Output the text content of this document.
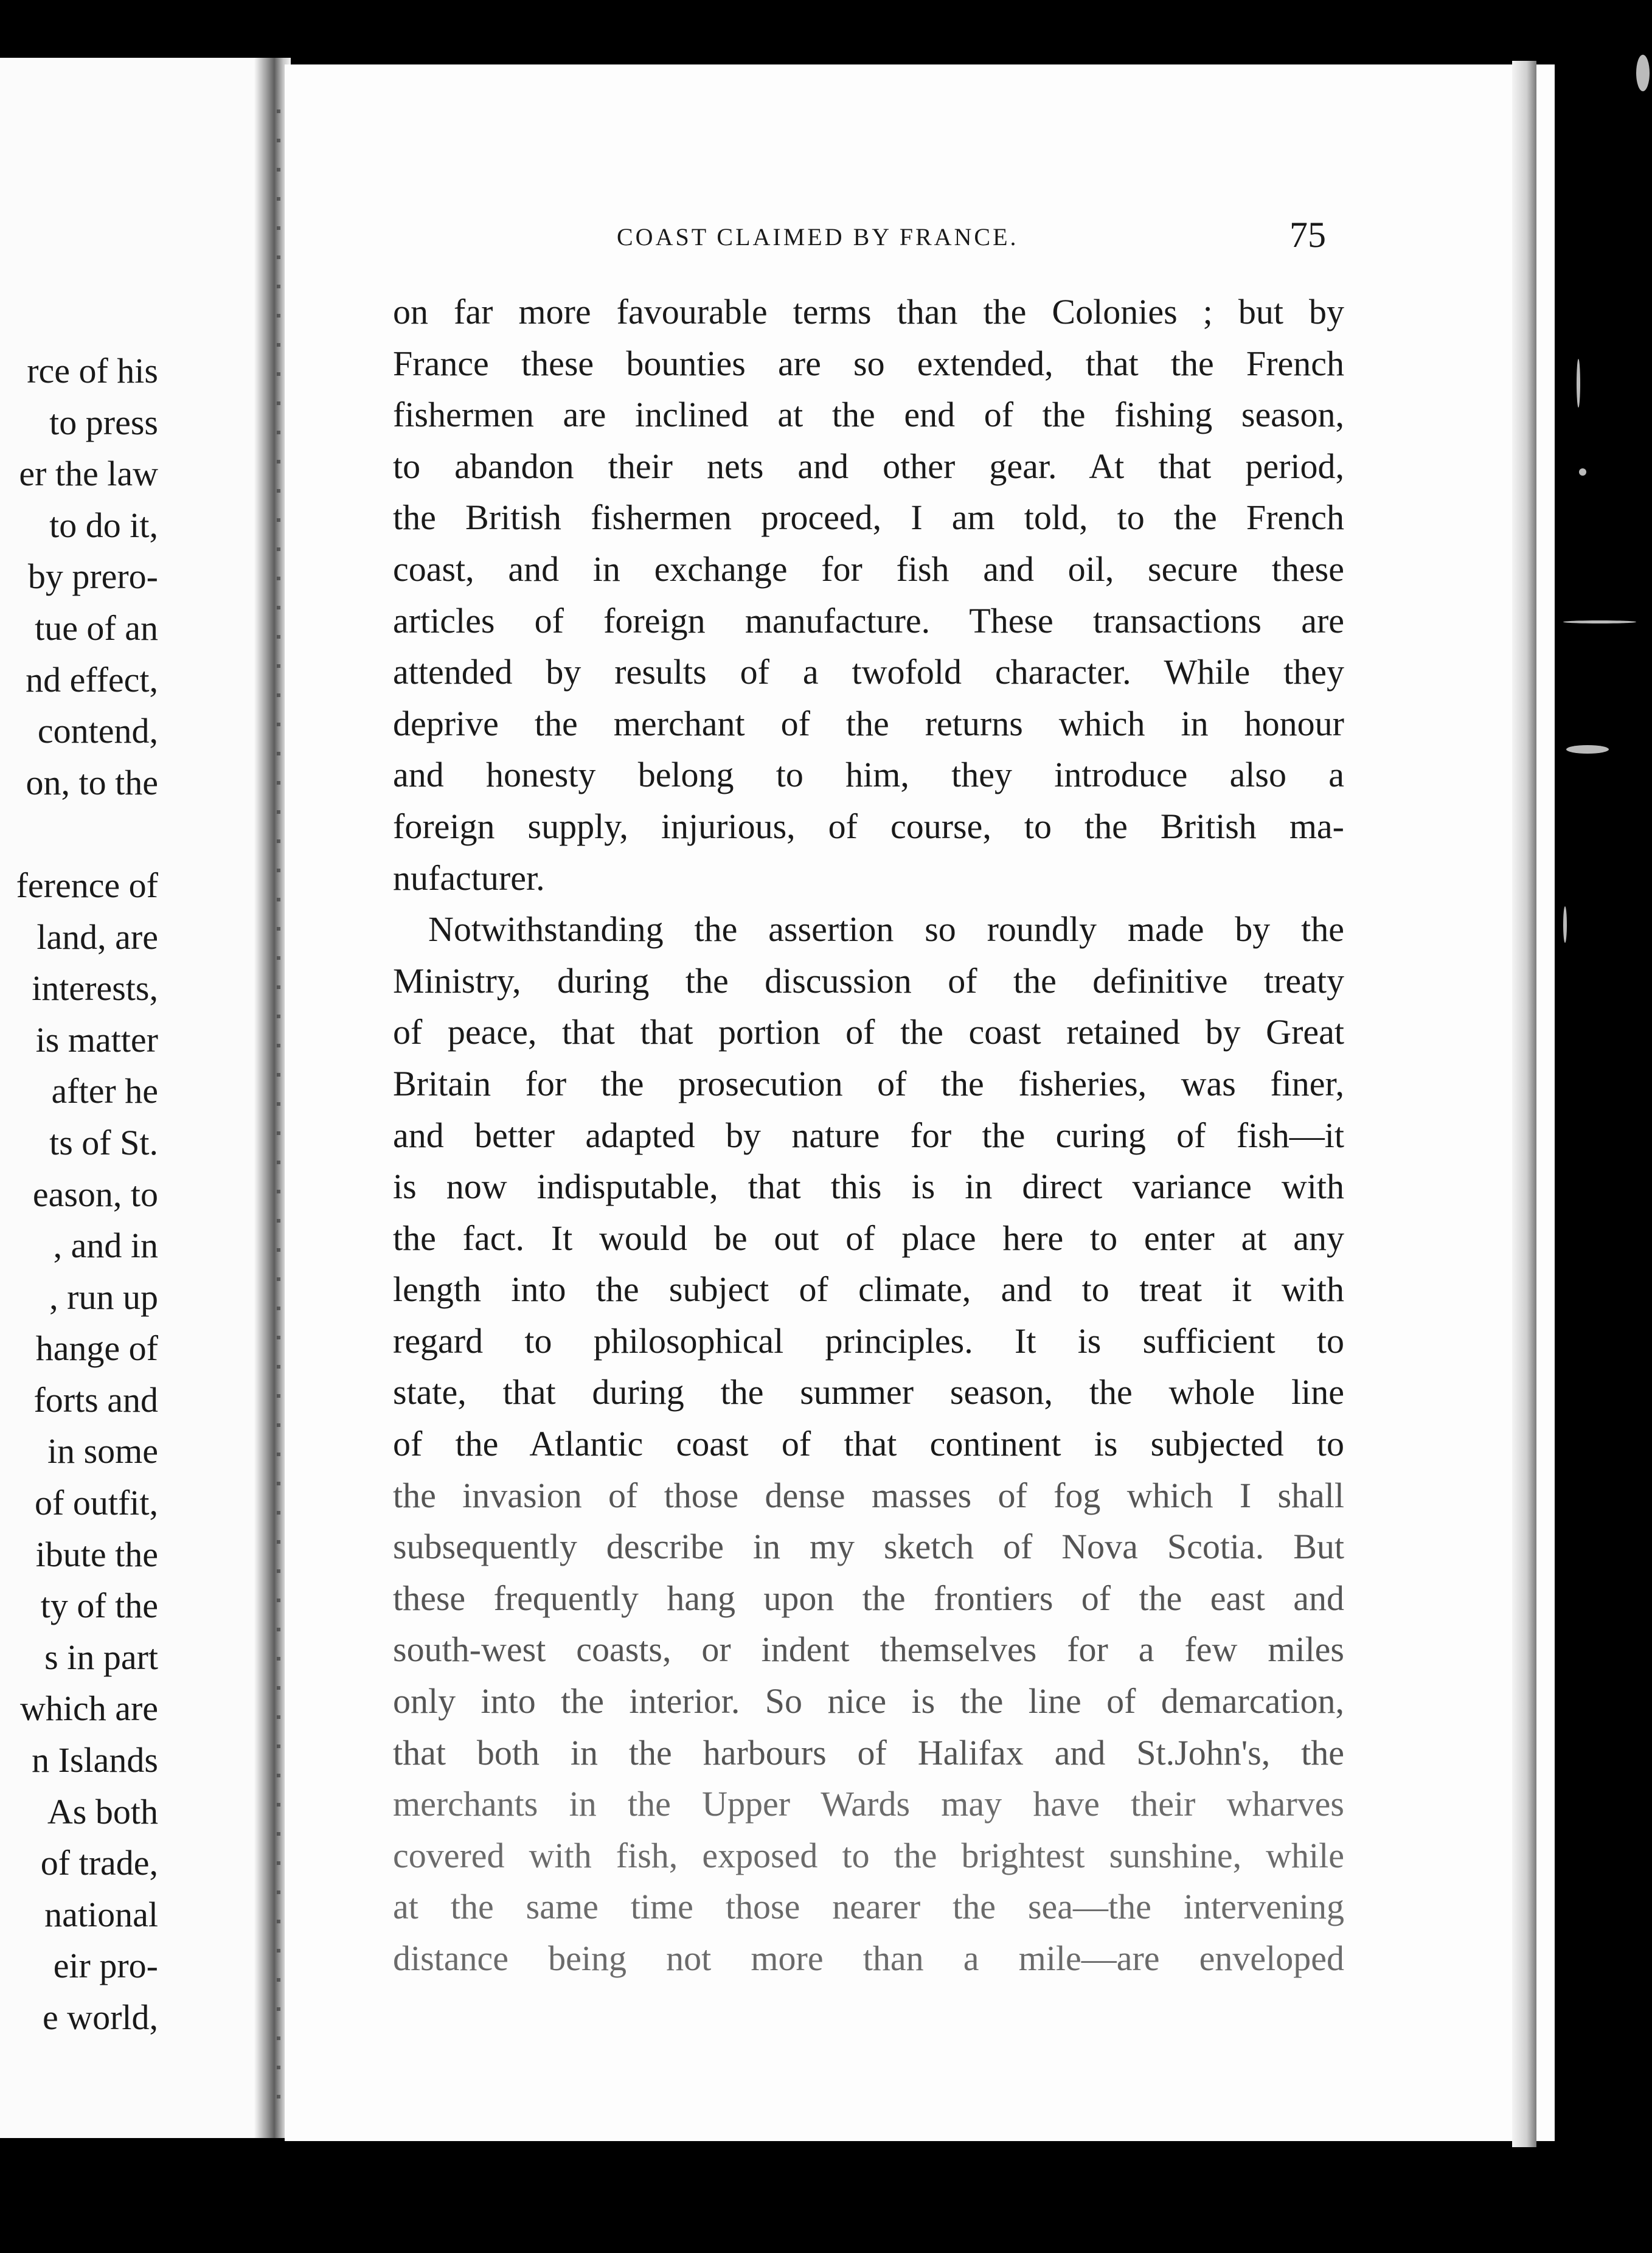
rce of his
to press
er the law
to do it,
by prero-
tue of an
nd effect,
contend,
on, to the
ference of
land, are
interests,
is matter
after he
ts of St.
eason, to
, and in
, run up
hange of
forts and
in some
of outfit,
ibute the
ty of the
s in part
which are
n Islands
As both
of trade,
national
eir pro-
e world,
COAST CLAIMED BY FRANCE.	75
on far more favourable terms than the Colonies ; but by
France these bounties are so extended, that the French
fishermen are inclined at the end of the fishing season,
to abandon their nets and other gear. At that period,
the British fishermen proceed, I am told, to the French
coast, and in exchange for fish and oil, secure these
articles of foreign manufacture. These transactions are
attended by results of a twofold character. While they
deprive the merchant of the returns which in honour
and honesty belong to him, they introduce also a
foreign supply, injurious, of course, to the British ma-
nufacturer.
Notwithstanding the assertion so roundly made by the
Ministry, during the discussion of the definitive treaty
of peace, that that portion of the coast retained by Great
Britain for the prosecution of the fisheries, was finer,
and better adapted by nature for the curing of fish—it
is now indisputable, that this is in direct variance with
the fact. It would be out of place here to enter at any
length into the subject of climate, and to treat it with
regard to philosophical principles. It is sufficient to
state, that during the summer season, the whole line
of the Atlantic coast of that continent is subjected to
the invasion of those dense masses of fog which I shall
subsequently describe in my sketch of Nova Scotia. But
these frequently hang upon the frontiers of the east and
south-west coasts, or indent themselves for a few miles
only into the interior. So nice is the line of demarcation,
that both in the harbours of Halifax and St.John's, the
merchants in the Upper Wards may have their wharves
covered with fish, exposed to the brightest sunshine, while
at the same time those nearer the sea—the intervening
distance being not more than a mile—are enveloped
